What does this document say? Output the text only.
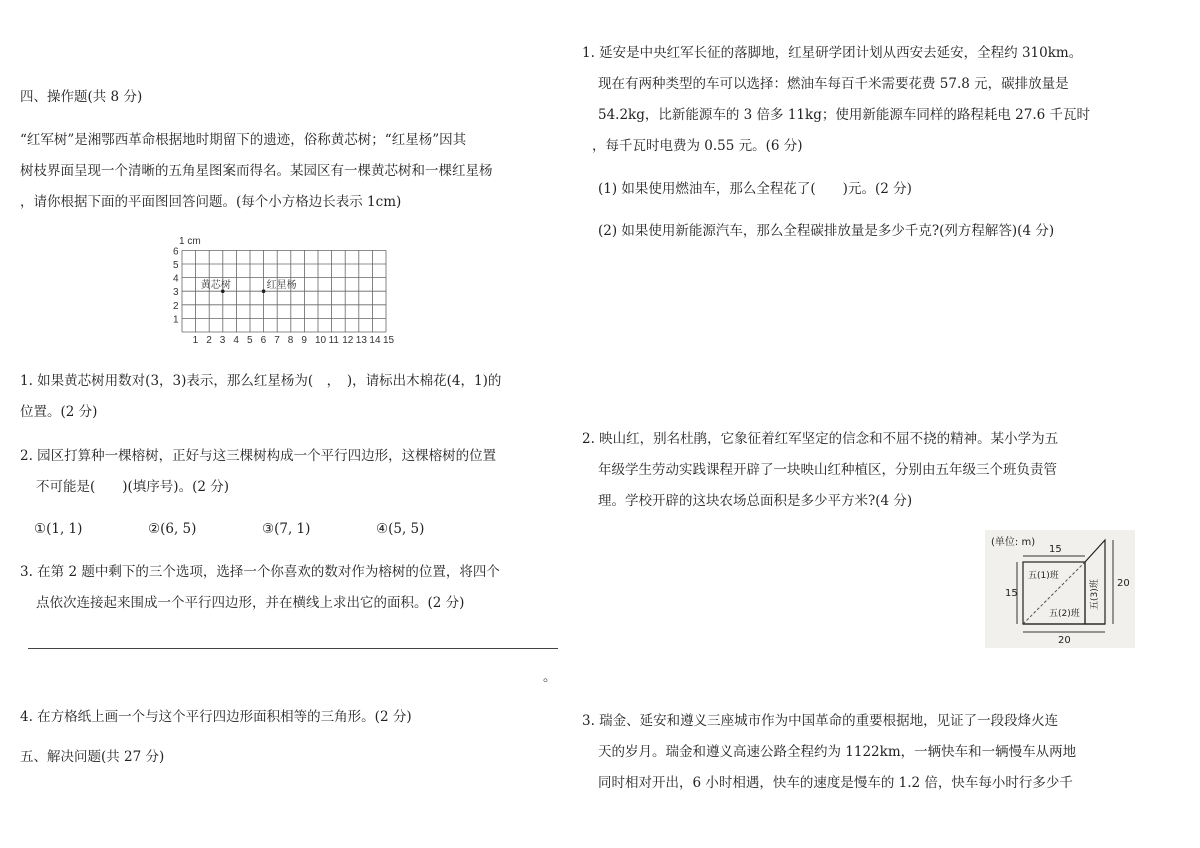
四、操作题(共 8 分)
“红军树”是湘鄂西革命根据地时期留下的遗迹，俗称黄芯树；“红星杨”因其
树枝界面呈现一个清晰的五角星图案而得名。某园区有一棵黄芯树和一棵红星杨
，请你根据下面的平面图回答问题。(每个小方格边长表示 1cm)
1 cm
1 2 3 4 5 6 7 8 9 10 11 12 13 14 15
1
2
3
4
5
6
黄芯树	红星杨
1. 如果黄芯树用数对(3，3)表示，那么红星杨为(　，　)，请标出木棉花(4，1)的
位置。(2 分)
2. 园区打算种一棵榕树，正好与这三棵树构成一个平行四边形，这棵榕树的位置
不可能是(　　)(填序号)。(2 分)
①(1, 1)	②(6, 5)	③(7, 1)	④(5, 5)
3. 在第 2 题中剩下的三个选项，选择一个你喜欢的数对作为榕树的位置，将四个
点依次连接起来围成一个平行四边形，并在横线上求出它的面积。(2 分)
。
4. 在方格纸上画一个与这个平行四边形面积相等的三角形。(2 分)
五、解决问题(共 27 分)
1. 延安是中央红军长征的落脚地，红星研学团计划从西安去延安，全程约 310km。
现在有两种类型的车可以选择：燃油车每百千米需要花费 57.8 元，碳排放量是
54.2kg，比新能源车的 3 倍多 11kg；使用新能源车同样的路程耗电 27.6 千瓦时
，每千瓦时电费为 0.55 元。(6 分)
(1) 如果使用燃油车，那么全程花了(　　)元。(2 分)
(2) 如果使用新能源汽车，那么全程碳排放量是多少千克?(列方程解答)(4 分)
2. 映山红，别名杜鹃，它象征着红军坚定的信念和不屈不挠的精神。某小学为五
年级学生劳动实践课程开辟了一块映山红种植区，分别由五年级三个班负责管
理。学校开辟的这块农场总面积是多少平方米?(4 分)
(单位: m)
15
15
20
20
五(1)班
五(2)班
五(3)班
3. 瑞金、延安和遵义三座城市作为中国革命的重要根据地，见证了一段段烽火连
天的岁月。瑞金和遵义高速公路全程约为 1122km，一辆快车和一辆慢车从两地
同时相对开出，6 小时相遇，快车的速度是慢车的 1.2 倍，快车每小时行多少千
